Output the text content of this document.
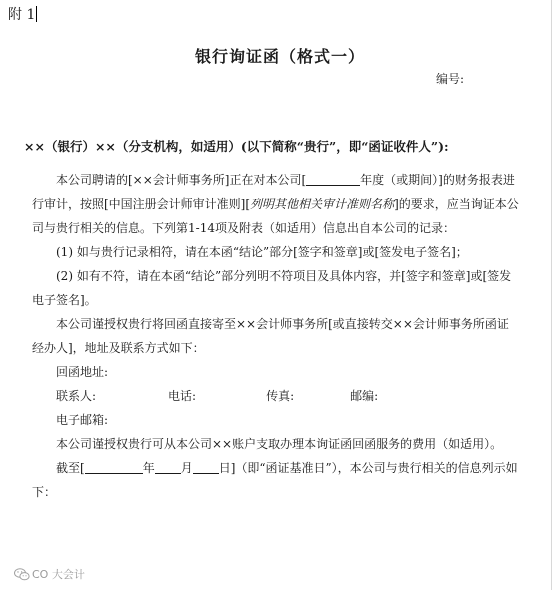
附 1
银行询证函（格式一）
编号:
××（银行）××（分支机构，如适用）(以下简称“贵行”，即“函证收件人”):

本公司聘请的[××会计师事务所]正在对本公司[	年度（或期间）]的财务报表进行审计，按照[中国注册会计师审计准则][列明其他相关审计准则名称]的要求，应当询证本公司与贵行相关的信息。下列第1-14项及附表（如适用）信息出自本公司的记录：

(1) 如与贵行记录相符，请在本函“结论”部分[签字和签章]或[签发电子签名]；

(2) 如有不符，请在本函“结论”部分列明不符项目及具体内容，并[签字和签章]或[签发电子签名]。

本公司谨授权贵行将回函直接寄至××会计师事务所[或直接转交××会计师事务所函证经办人]，地址及联系方式如下：

回函地址:

联系人:	电话:	传真:	邮编:

电子邮箱:

本公司谨授权贵行可从本公司××账户支取办理本询证函回函服务的费用（如适用）。

截至[	年 月 日]（即“函证基准日”），本公司与贵行相关的信息列示如下：

CO 大会计
